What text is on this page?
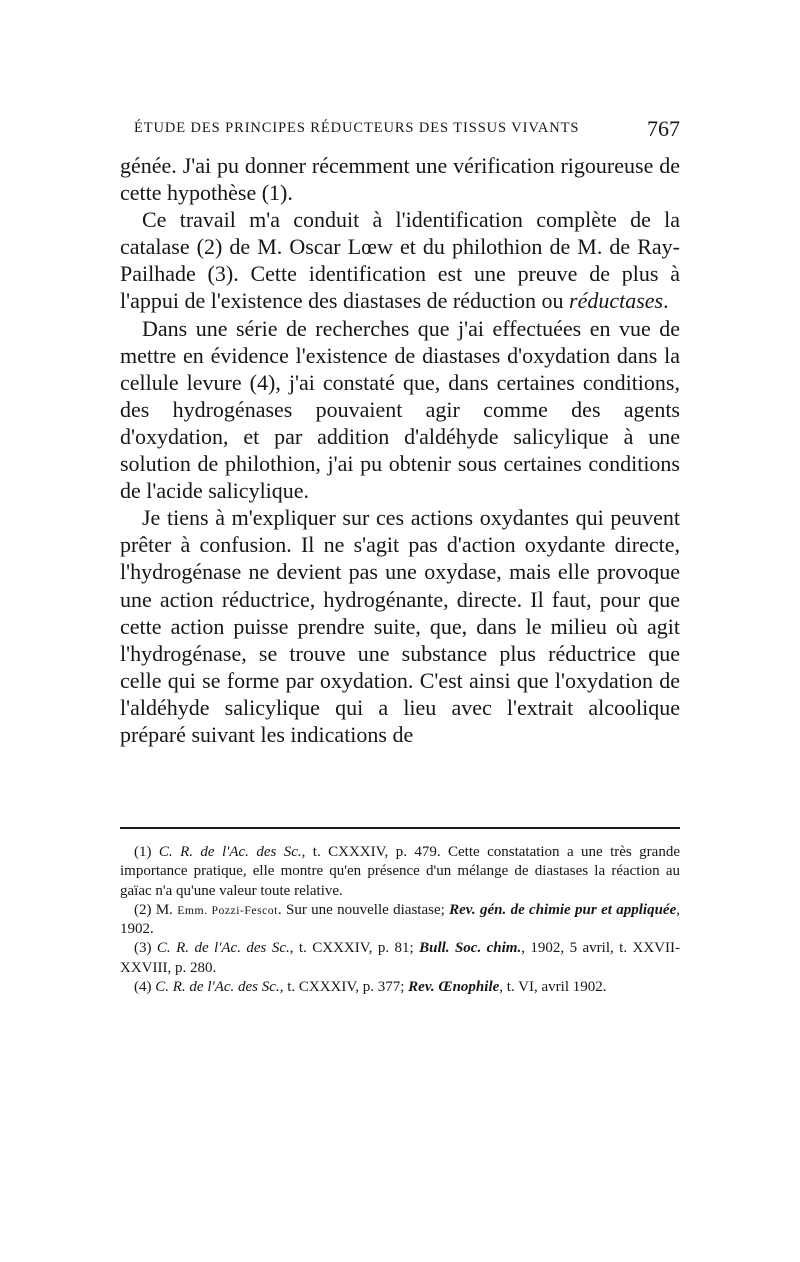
ÉTUDE DES PRINCIPES RÉDUCTEURS DES TISSUS VIVANTS	767

génée. J'ai pu donner récemment une vérification rigoureuse de cette hypothèse (1).

Ce travail m'a conduit à l'identification complète de la catalase (2) de M. Oscar Lœw et du philothion de M. de Ray-Pailhade (3). Cette identification est une preuve de plus à l'appui de l'existence des diastases de réduction ou réductases.

Dans une série de recherches que j'ai effectuées en vue de mettre en évidence l'existence de diastases d'oxydation dans la cellule levure (4), j'ai constaté que, dans certaines conditions, des hydrogénases pouvaient agir comme des agents d'oxydation, et par addition d'aldéhyde salicylique à une solution de philothion, j'ai pu obtenir sous certaines conditions de l'acide salicylique.

Je tiens à m'expliquer sur ces actions oxydantes qui peuvent prêter à confusion. Il ne s'agit pas d'action oxydante directe, l'hydrogénase ne devient pas une oxydase, mais elle provoque une action réductrice, hydrogénante, directe. Il faut, pour que cette action puisse prendre suite, que, dans le milieu où agit l'hydrogénase, se trouve une substance plus réductrice que celle qui se forme par oxydation. C'est ainsi que l'oxydation de l'aldéhyde salicylique qui a lieu avec l'extrait alcoolique préparé suivant les indications de

(1) C. R. de l'Ac. des Sc., t. CXXXIV, p. 479. Cette constatation a une très grande importance pratique, elle montre qu'en présence d'un mélange de diastases la réaction au gaïac n'a qu'une valeur toute relative.

(2) M. Emm. Pozzi-Fescot. Sur une nouvelle diastase; Rev. gén. de chimie pur et appliquée, 1902.

(3) C. R. de l'Ac. des Sc., t. CXXXIV, p. 81; Bull. Soc. chim., 1902, 5 avril, t. XXVII-XXVIII, p. 280.

(4) C. R. de l'Ac. des Sc., t. CXXXIV, p. 377; Rev. Œnophile, t. VI, avril 1902.
